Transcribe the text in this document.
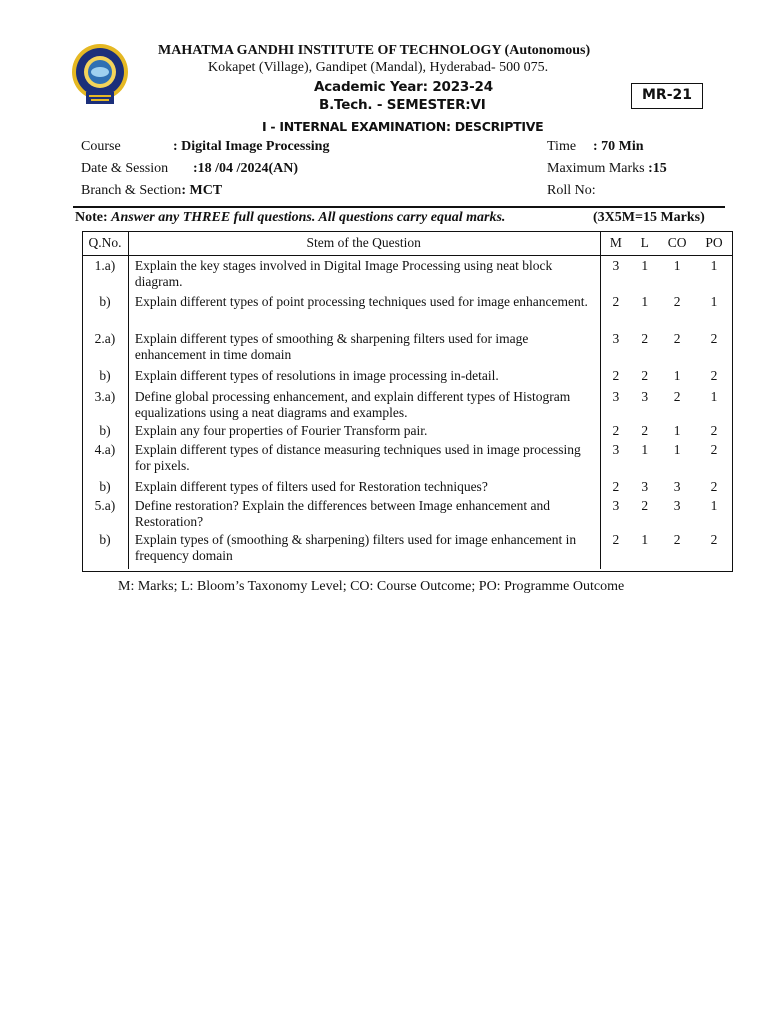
MAHATMA GANDHI INSTITUTE OF TECHNOLOGY (Autonomous)
Kokapet (Village), Gandipet (Mandal), Hyderabad- 500 075.
Academic Year: 2023-24
B.Tech. - SEMESTER:VI
MR-21
I - INTERNAL EXAMINATION: DESCRIPTIVE
Course	: Digital Image Processing
Date & Session :18 /04 /2024(AN)
Branch & Section: MCT
Time : 70 Min
Maximum Marks :15
Roll No:
Note: Answer any THREE full questions. All questions carry equal marks.	(3X5M=15 Marks)
Q.No.	Stem of the Question	M	L	CO	PO
1.a)	Explain the key stages involved in Digital Image Processing using neat block diagram.	3	1	1	1
b)	Explain different types of point processing techniques used for image enhancement.	2	1	2	1
2.a)	Explain different types of smoothing & sharpening filters used for image enhancement in time domain	3	2	2	2
b)	Explain different types of resolutions in image processing in-detail.	2	2	1	2
3.a)	Define global processing enhancement, and explain different types of Histogram equalizations using a neat diagrams and examples.	3	3	2	1
b)	Explain any four properties of Fourier Transform pair.	2	2	1	2
4.a)	Explain different types of distance measuring techniques used in image processing for pixels.	3	1	1	2
b)	Explain different types of filters used for Restoration techniques?	2	3	3	2
5.a)	Define restoration? Explain the differences between Image enhancement and Restoration?	3	2	3	1
b)	Explain types of (smoothing & sharpening) filters used for image enhancement in frequency domain	2	1	2	2
M: Marks; L: Bloom’s Taxonomy Level; CO: Course Outcome; PO: Programme Outcome
